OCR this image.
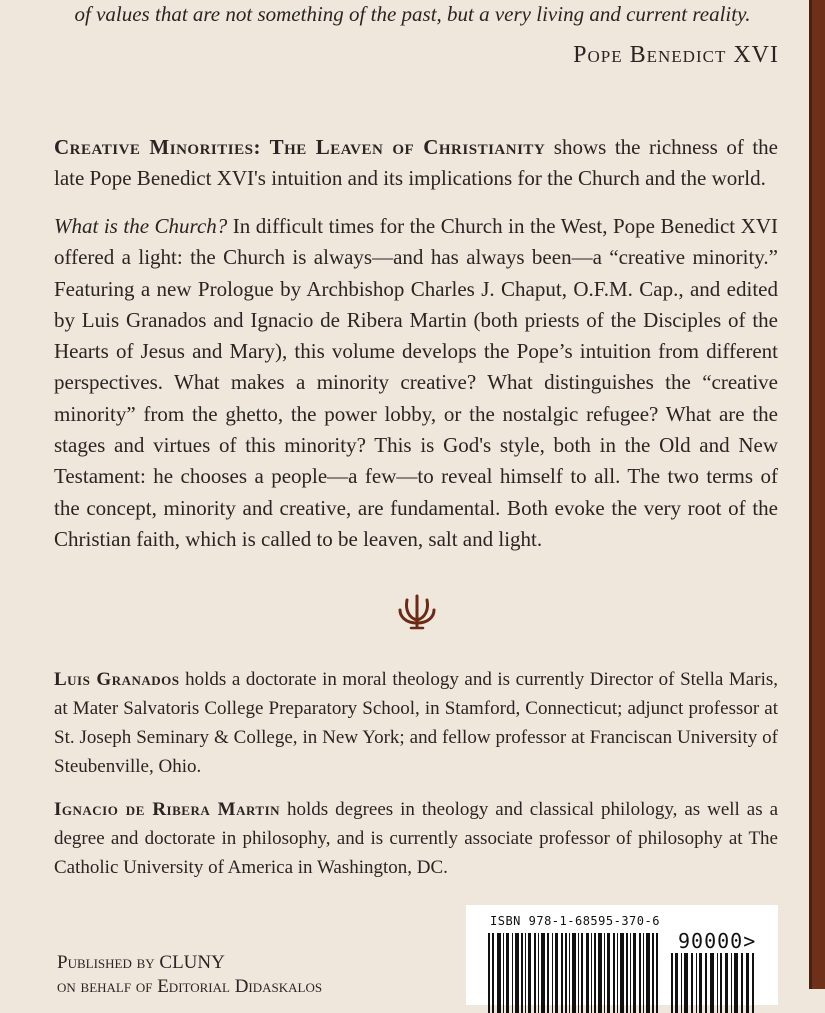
of values that are not something of the past, but a very living and current reality.
Pope Benedict XVI
Creative Minorities: The Leaven of Christianity shows the richness of the late Pope Benedict XVI's intuition and its implications for the Church and the world.
What is the Church? In difficult times for the Church in the West, Pope Benedict XVI offered a light: the Church is always—and has always been—a “creative minority.” Featuring a new Prologue by Archbishop Charles J. Chaput, O.F.M. Cap., and edited by Luis Granados and Ignacio de Ribera Martin (both priests of the Disciples of the Hearts of Jesus and Mary), this volume develops the Pope’s intuition from different perspectives. What makes a minority creative? What distinguishes the “creative minority” from the ghetto, the power lobby, or the nostalgic refugee? What are the stages and virtues of this minority? This is God's style, both in the Old and New Testament: he chooses a people—a few—to reveal himself to all. The two terms of the concept, minority and creative, are fundamental. Both evoke the very root of the Christian faith, which is called to be leaven, salt and light.
Luis Granados holds a doctorate in moral theology and is currently Director of Stella Maris, at Mater Salvatoris College Preparatory School, in Stamford, Connecticut; adjunct professor at St. Joseph Seminary & College, in New York; and fellow professor at Franciscan University of Steubenville, Ohio.
Ignacio de Ribera Martin holds degrees in theology and classical philology, as well as a degree and doctorate in philosophy, and is currently associate professor of philosophy at The Catholic University of America in Washington, DC.
Published by CLUNY
on behalf of Editorial Didaskalos
ISBN 978-1-68595-370-6
90000>
